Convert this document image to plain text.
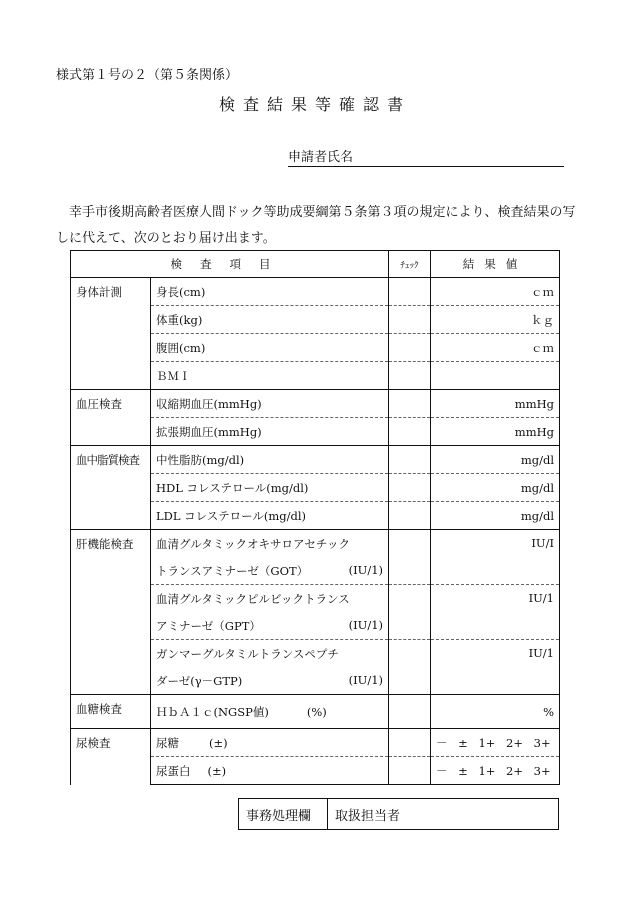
様式第１号の２（第５条関係）
検査結果等確認書
申請者氏名
幸手市後期高齢者医療人間ドック等助成要綱第５条第３項の規定により、検査結果の写しに代えて、次のとおり届け出ます。
検査項目		ﾁｪｯｸ	結果値
身体計測	身長(cm)		ｃｍ
	体重(kg)		ｋｇ
	腹囲(cm)		ｃｍ
	ＢＭＩ		
血圧検査	収縮期血圧(mmHg)		mmHg
	拡張期血圧(mmHg)		mmHg
血中脂質検査	中性脂肪(mg/dl)		mg/dl
	HDL コレステロール(mg/dl)		mg/dl
	LDL コレステロール(mg/dl)		mg/dl
肝機能検査	血清グルタミックオキサロアセチック		IU/I

	トランスアミナーゼ（GOT） (IU/1)		

	血清グルタミックピルビックトランス		IU/1

	アミナーゼ（GPT） (IU/1)		

	ガンマーグルタミルトランスペプチ		IU/1

	ダーゼ(γ－GTP) (IU/1)		

血糖検査	ＨｂＡ１ｃ(NGSP値) (%)		%
尿検査	尿糖 (±)		－ ± 1+ 2+ 3+
	尿蛋白 (±)		－ ± 1+ 2+ 3+
事務処理欄	取扱担当者
